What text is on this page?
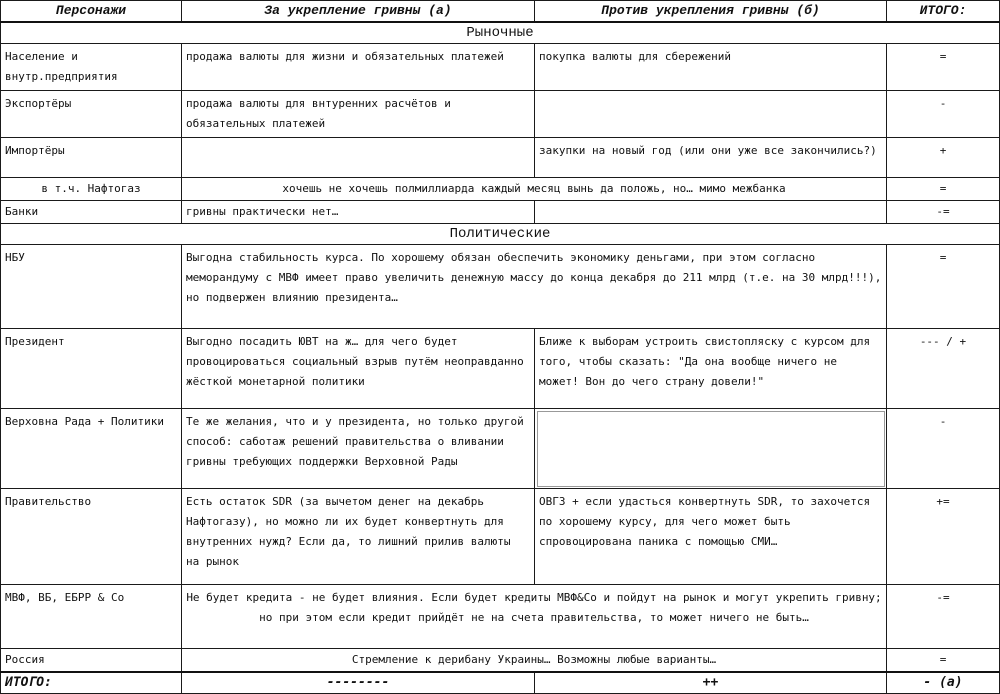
Персонажи	За укрепление гривны (а)	Против укрепления гривны (б)	ИТОГО:
Рыночные			
Население и внутр.предприятия	продажа валюты для жизни и обязательных платежей	покупка валюты для сбережений	=
Экспортёры	продажа валюты для внтуренних расчётов и обязательных платежей		-
Импортёры		закупки на новый год (или они уже все закончились?)	+
в т.ч. Нафтогаз	хочешь не хочешь полмиллиарда каждый месяц вынь да положь, но… мимо межбанка		=
Банки	гривны практически нет…		-=
Политические			
НБУ	Выгодна стабильность курса. По хорошему обязан обеспечить экономику деньгами, при этом согласно меморандуму с МВФ имеет право увеличить денежную массу до конца декабря до 211 млрд (т.е. на 30 млрд!!!), но подвержен влиянию президента…		=
Президент	Выгодно посадить ЮВТ на ж… для чего будет провоцироваться социальный взрыв путём неоправданно жёсткой монетарной политики	Ближе к выборам устроить свистопляску с курсом для того, чтобы сказать: "Да она вообще ничего не может! Вон до чего страну довели!"	--- / +
Верховна Рада + Политики	Те же желания, что и у президента, но только другой способ: саботаж решений правительства о вливании гривны требующих поддержки Верховной Рады		-
Правительство	Есть остаток SDR (за вычетом денег на декабрь Нафтогазу), но можно ли их будет конвертнуть для внутренних нужд? Если да, то лишний прилив валюты на рынок	ОВГЗ + если удасться конвертнуть SDR, то захочется по хорошему курсу, для чего может быть спровоцирована паника с помощью СМИ…	+=
МВФ, ВБ, ЕБРР & Co	Не будет кредита - не будет влияния. Если будет кредиты МВФ&Co и пойдут на рынок и могут укрепить гривну; но при этом если кредит прийдёт не на счета правительства, то может ничего не быть…		-=
Россия	Стремление к дерибану Украины… Возможны любые варианты…		=
ИТОГО:	--------	++	- (а)
